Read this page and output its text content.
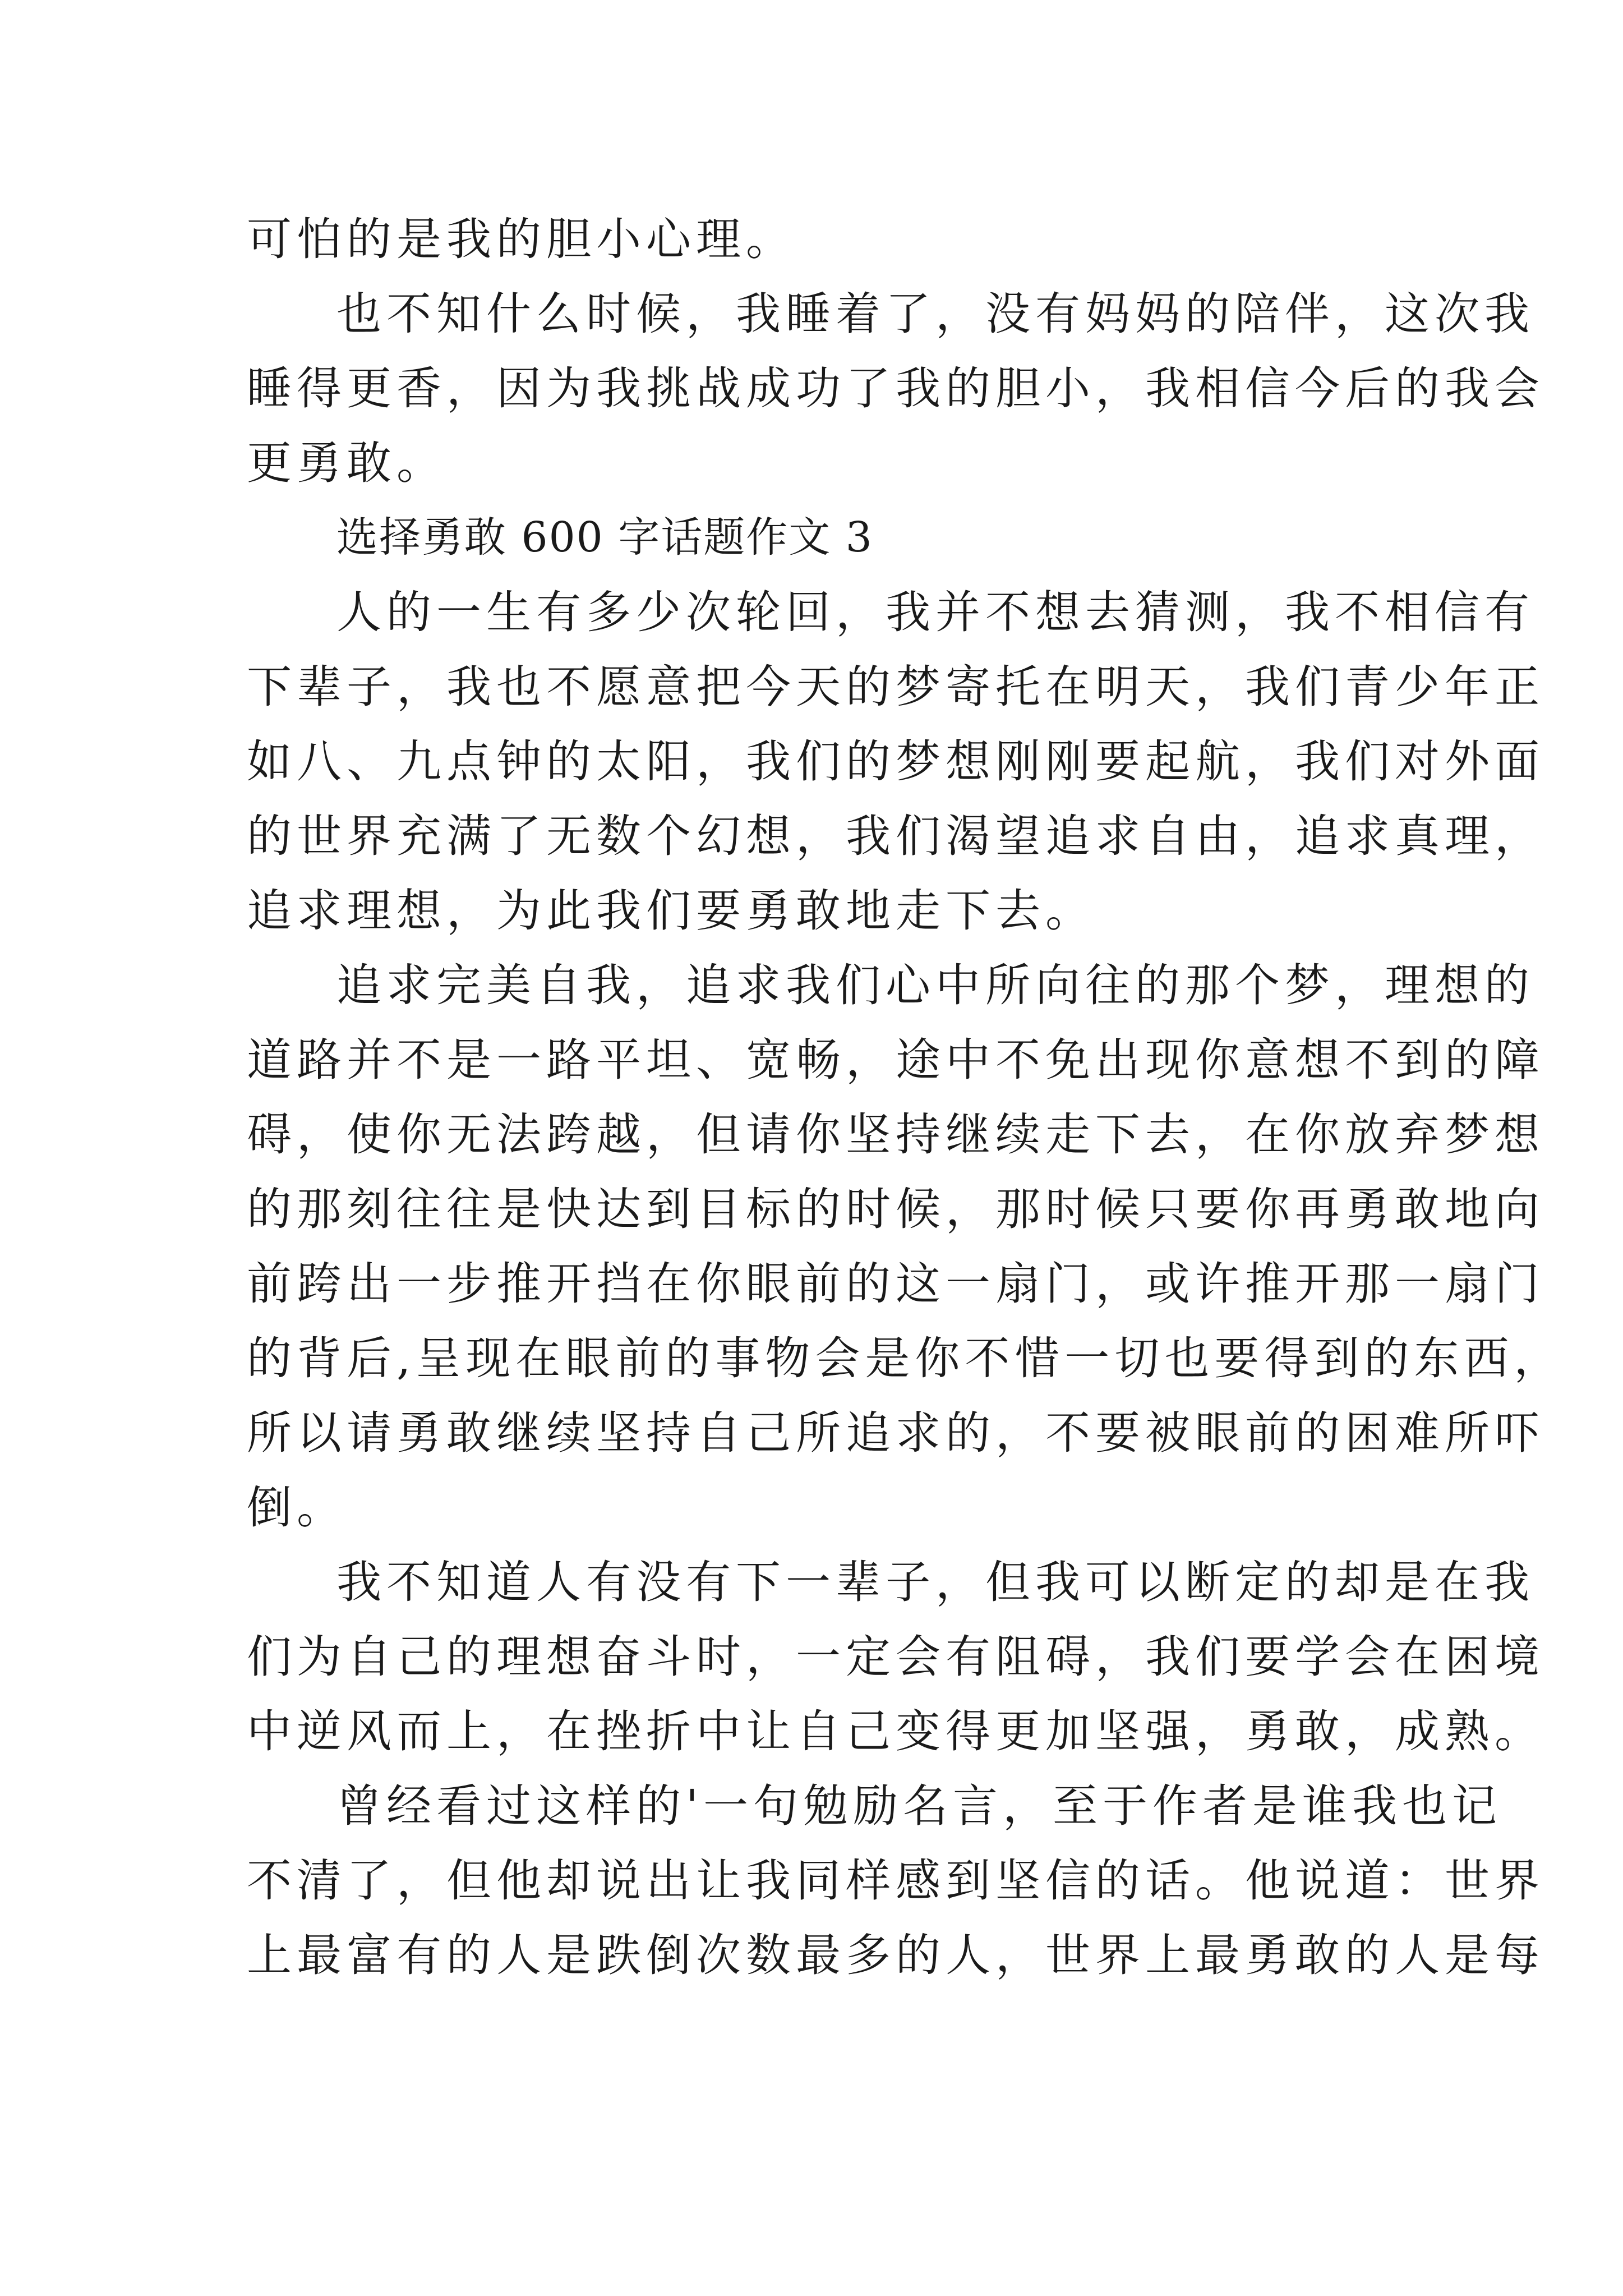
可怕的是我的胆小心理。
也不知什么时候，我睡着了，没有妈妈的陪伴，这次我
睡得更香，因为我挑战成功了我的胆小，我相信今后的我会
更勇敢。
选择勇敢 600 字话题作文 3
人的一生有多少次轮回，我并不想去猜测，我不相信有
下辈子，我也不愿意把今天的梦寄托在明天，我们青少年正
如八、九点钟的太阳，我们的梦想刚刚要起航，我们对外面
的世界充满了无数个幻想，我们渴望追求自由，追求真理，
追求理想，为此我们要勇敢地走下去。
追求完美自我，追求我们心中所向往的那个梦，理想的
道路并不是一路平坦、宽畅，途中不免出现你意想不到的障
碍，使你无法跨越，但请你坚持继续走下去，在你放弃梦想
的那刻往往是快达到目标的时候，那时候只要你再勇敢地向
前跨出一步推开挡在你眼前的这一扇门，或许推开那一扇门
的背后,呈现在眼前的事物会是你不惜一切也要得到的东西，
所以请勇敢继续坚持自己所追求的，不要被眼前的困难所吓
倒。
我不知道人有没有下一辈子，但我可以断定的却是在我
们为自己的理想奋斗时，一定会有阻碍，我们要学会在困境
中逆风而上，在挫折中让自己变得更加坚强，勇敢，成熟。
曾经看过这样的'一句勉励名言，至于作者是谁我也记
不清了，但他却说出让我同样感到坚信的话。他说道：世界
上最富有的人是跌倒次数最多的人，世界上最勇敢的人是每
